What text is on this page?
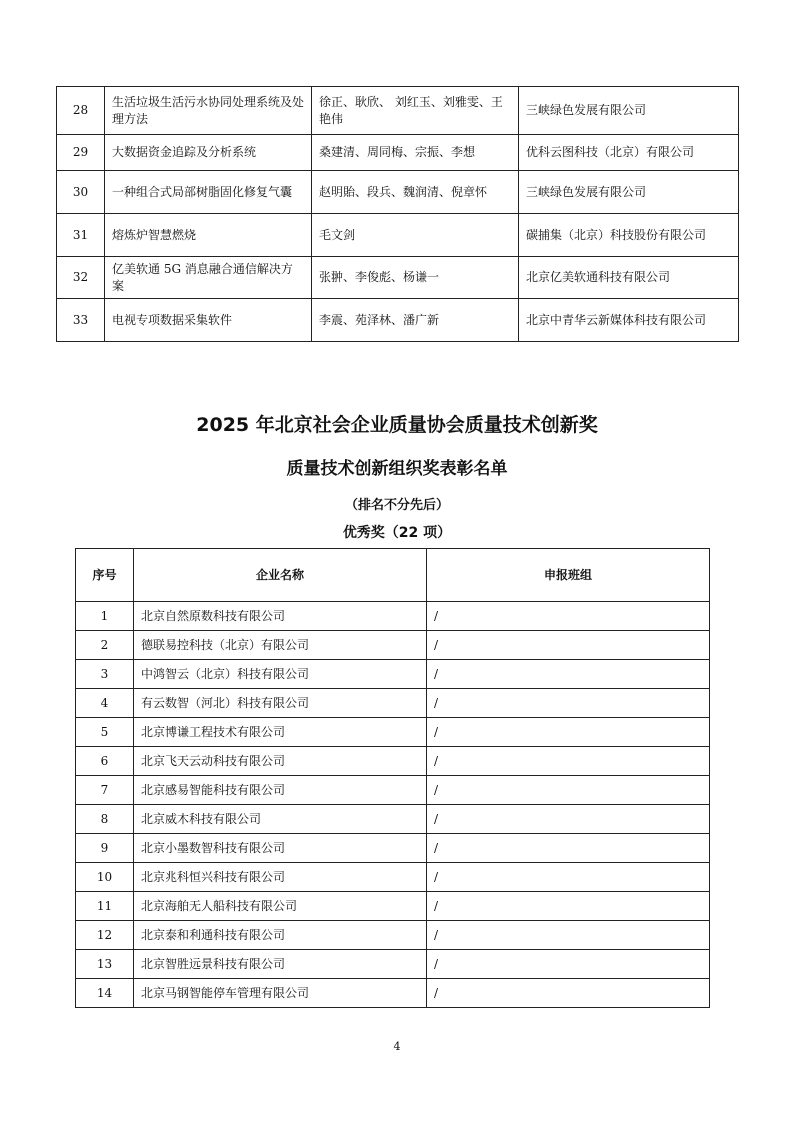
28	生活垃圾生活污水协同处理系统及处理方法	徐正、耿欣、 刘红玉、刘雅雯、王艳伟	三峡绿色发展有限公司
29	大数据资金追踪及分析系统	桑建清、周同梅、宗振、李想	优科云图科技（北京）有限公司
30	一种组合式局部树脂固化修复气囊	赵明貽、段兵、魏润清、倪章怀	三峡绿色发展有限公司
31	熔炼炉智慧燃烧	毛文剑	碳捕集（北京）科技股份有限公司
32	亿美软通 5G 消息融合通信解决方案	张翀、李俊彪、杨谦一	北京亿美软通科技有限公司
33	电视专项数据采集软件	李震、苑泽林、潘广新	北京中青华云新媒体科技有限公司
2025 年北京社会企业质量协会质量技术创新奖
质量技术创新组织奖表彰名单
（排名不分先后）
优秀奖（22 项）
序号	企业名称	申报班组
1	北京自然原数科技有限公司	/
2	德联易控科技（北京）有限公司	/
3	中鸿智云（北京）科技有限公司	/
4	有云数智（河北）科技有限公司	/
5	北京博谦工程技术有限公司	/
6	北京飞天云动科技有限公司	/
7	北京感易智能科技有限公司	/
8	北京威木科技有限公司	/
9	北京小墨数智科技有限公司	/
10	北京兆科恒兴科技有限公司	/
11	北京海舶无人船科技有限公司	/
12	北京泰和利通科技有限公司	/
13	北京智胜远景科技有限公司	/
14	北京马钢智能停车管理有限公司	/
4
